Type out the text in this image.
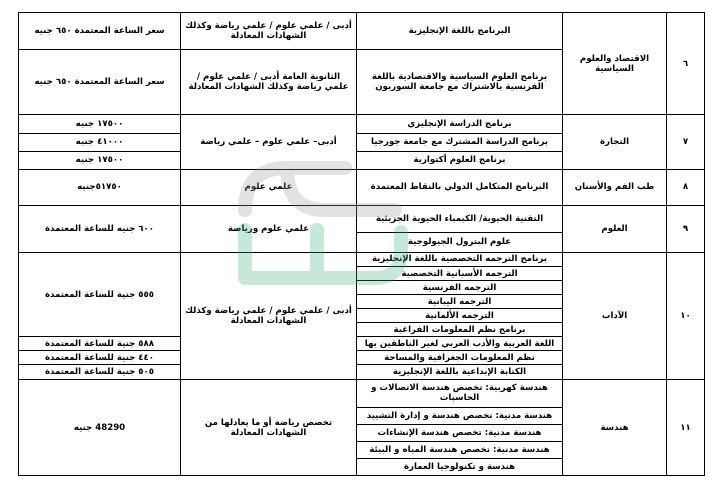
٦	الاقتصاد والعلوم السياسية	البرنامج باللغة الإنجليزية	أدبى / علمي علوم / علمي رياضة وكذلك الشهادات المعادلة	سعر الساعة المعتمدة ٦٥٠ جنيه
		برنامج العلوم السياسية والاقتصادية باللغة الفرنسية بالاشتراك مع جامعة السوربون	الثانوية العامة أدبى / علمي علوم / علمي رياضة وكذلك الشهادات المعادلة	سعر الساعة المعتمدة ٦٥٠ جنيه
٧	التجارة	برنامج الدراسة الإنجليزي	أدبى– علمي علوم – علمي رياضة	١٧٥٠٠ جنيه
		برنامج الدراسة المشترك مع جامعة جورجيا		٤١٠٠٠ جنيه
		برنامج العلوم أكتوارية		١٧٥٠٠ جنيه
٨	طب الفم والأسنان	البرنامج المتكامل الدولي بالنقاط المعتمدة	علمي علوم	٥١٧٥٠جنيه
٩	العلوم	التقنية الحيوية/ الكيمياء الحيوية الجزيئية	علمي علوم ورياضة	٦٠٠ جنيه للساعة المعتمدة
		علوم البترول الجيولوجية		
١٠	الآداب	برنامج الترجمه التخصصية باللغة الإنجليزية	أدبى / علمي علوم / علمي رياضة وكذلك الشهادات المعادلة	٥٥٥ جنية للساعة المعتمدة
		الترجمه الأسبانية التخصصية		
		الترجمه الفرنسية		
		الترجمه اليبانية		
		الترجمه الألمانية		
		برنامج نظم المعلومات الفراغية		
		اللغة العربية والأدب العربي لغير الناطقين بها		٥٨٨ جنية للساعة المعتمدة
		نظم المعلومات الجغرافية والمساحة		٤٤٠ جنية للساعة المعتمدة
		الكتابة الإبداعية باللغة الإنجليزية		٥٠٥ جنية للساعة المعتمدة
١١	هندسة	هندسة كهربية: تخصص هندسة الاتصالات و الحاسبات	تخصص رياضة أو ما يعادلها من الشهادات المعادلة	48290 جنيه
		هندسة مدنية: تخصص هندسة و إدارة التشييد		
		هندسة مدنية: تخصص هندسة الإنشاءات		
		هندسة مدنية: تخصص هندسة المياه و البيئة		
		هندسة و تكنولوجيا العمارة		
